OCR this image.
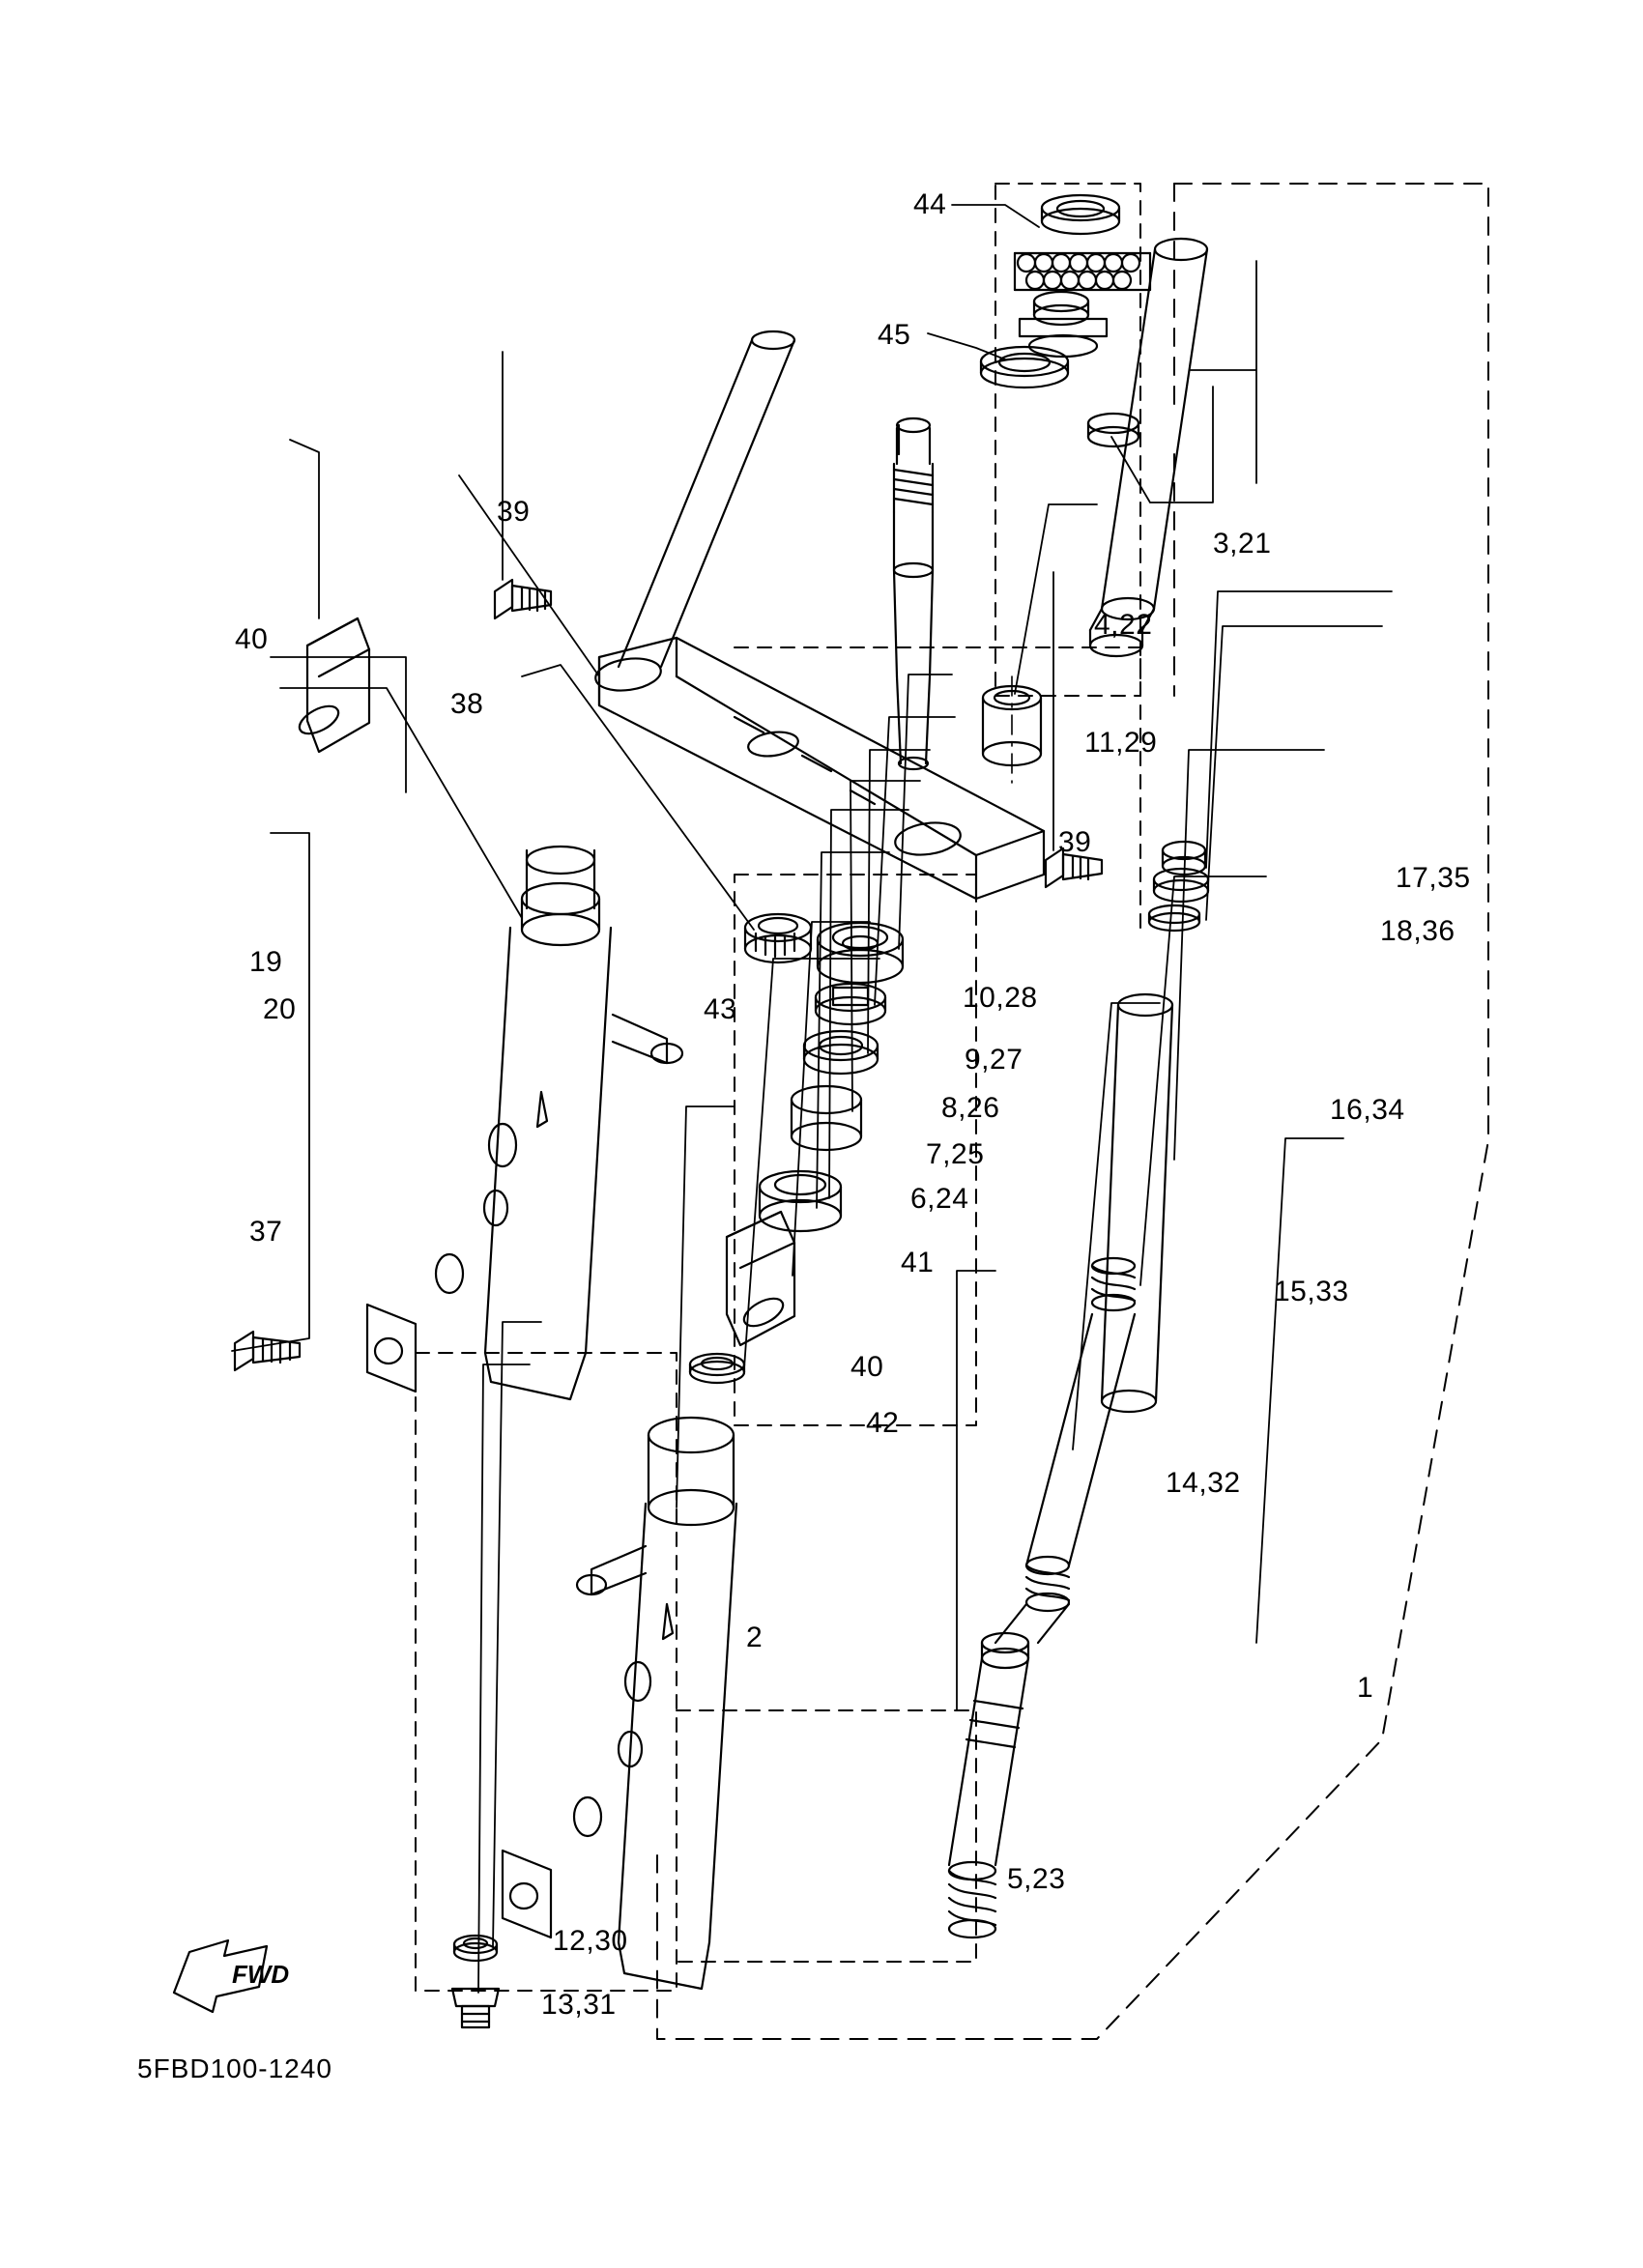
44
45
39
40
38
3,21
4,22
11,29
39
17,35
18,36
19
20	43	10,28
9,27
8,26
7,25
6,24
41
16,34
15,33
37
40
42
14,32
2
1
5,23
12,30
13,31
FWD
5FBD100-1240
